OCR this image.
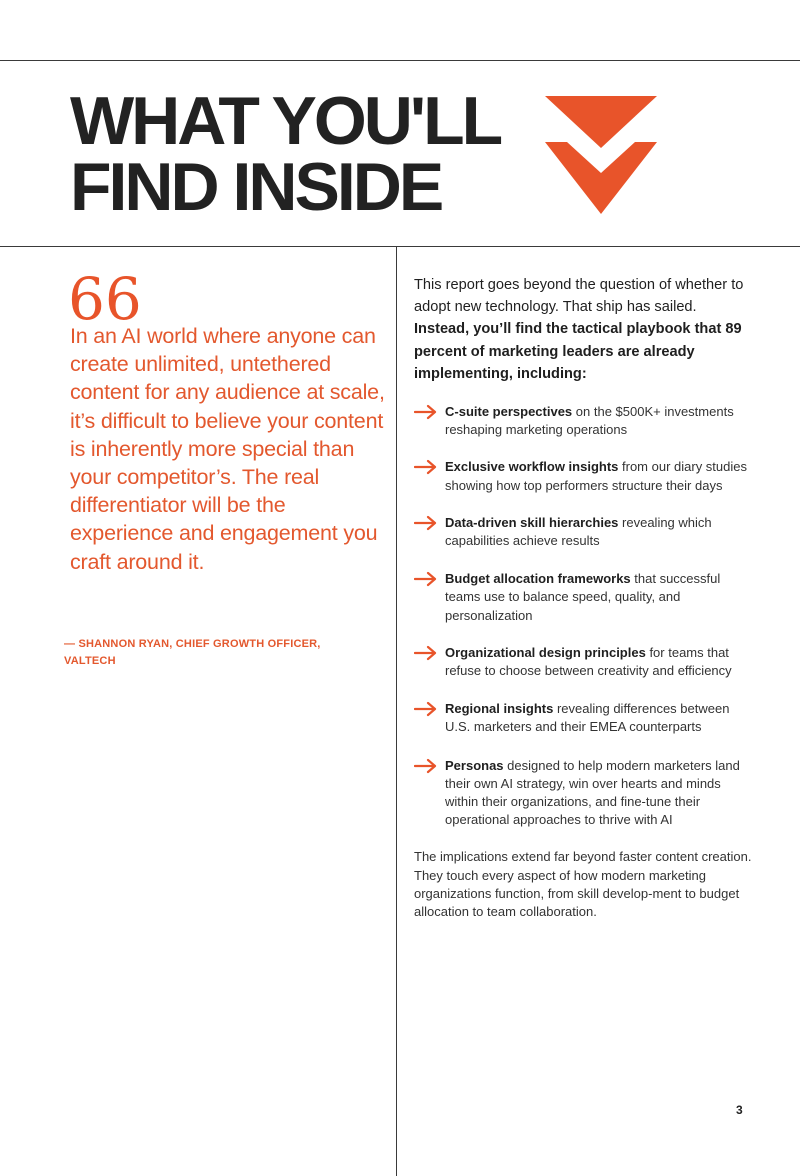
WHAT YOU'LL
FIND INSIDE
66

In an AI world where anyone can create unlimited, untethered content for any audience at scale, it’s difficult to believe your content is inherently more special than your competitor’s. The real differentiator will be the experience and engagement you craft around it.

— SHANNON RYAN, CHIEF GROWTH OFFICER, VALTECH

This report goes beyond the question of whether to adopt new technology. That ship has sailed. Instead, you’ll find the tactical playbook that 89 percent of marketing leaders are already implementing, including:

C-suite perspectives on the $500K+ investments reshaping marketing operations
Exclusive workflow insights from our diary studies showing how top performers structure their days
Data-driven skill hierarchies revealing which capabilities achieve results
Budget allocation frameworks that successful teams use to balance speed, quality, and personalization
Organizational design principles for teams that refuse to choose between creativity and efficiency
Regional insights revealing differences between U.S. marketers and their EMEA counterparts
Personas designed to help modern marketers land their own AI strategy, win over hearts and minds within their organizations, and fine-tune their operational approaches to thrive with AI

The implications extend far beyond faster content creation. They touch every aspect of how modern marketing organizations function, from skill develop-ment to budget allocation to team collaboration.

3
